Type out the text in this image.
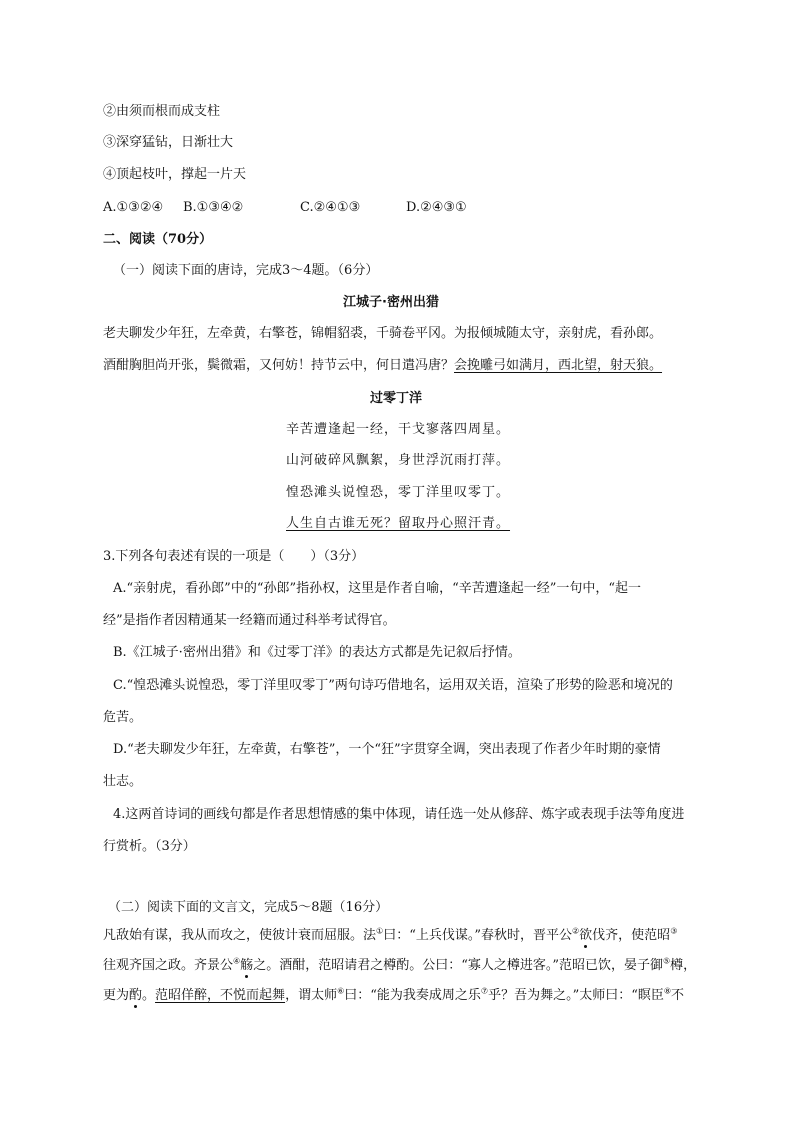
②由须而根而成支柱
③深穿猛钻，日渐壮大
④顶起枝叶，撑起一片天
A.①③②④ B.①③④②	C.②④①③	D.②④③①
二、阅读（70分）
（一）阅读下面的唐诗，完成3～4题。（6分）
江城子·密州出猎
老夫聊发少年狂，左牵黄，右擎苍，锦帽貂裘，千骑卷平冈。为报倾城随太守，亲射虎，看孙郎。
酒酣胸胆尚开张，鬓微霜，又何妨！持节云中，何日遣冯唐？会挽雕弓如满月，西北望，射天狼。
过零丁洋
辛苦遭逢起一经，干戈寥落四周星。
山河破碎风飘絮，身世浮沉雨打萍。
惶恐滩头说惶恐，零丁洋里叹零丁。
人生自古谁无死？留取丹心照汗青。
3.下列各句表述有误的一项是（　　）（3分）
A.“亲射虎，看孙郎”中的“孙郎”指孙权，这里是作者自喻，“辛苦遭逢起一经”一句中，“起一
经”是指作者因精通某一经籍而通过科举考试得官。
B.《江城子·密州出猎》和《过零丁洋》的表达方式都是先记叙后抒情。
C.“惶恐滩头说惶恐，零丁洋里叹零丁”两句诗巧借地名，运用双关语，渲染了形势的险恶和境况的
危苦。
D.“老夫聊发少年狂，左牵黄，右擎苍”，一个“狂”字贯穿全调，突出表现了作者少年时期的豪情
壮志。
4.这两首诗词的画线句都是作者思想情感的集中体现，请任选一处从修辞、炼字或表现手法等角度进
行赏析。（3分）
（二）阅读下面的文言文，完成5～8题（16分）
凡敌始有谋，我从而攻之，使彼计衰而屈服。法①曰：“上兵伐谋。”春秋时，晋平公②欲伐齐，使范昭③
往观齐国之政。齐景公④觞之。酒酣，范昭请君之樽酌。公曰：“寡人之樽进客。”范昭已饮，晏子御⑤樽，
更为酌。范昭佯醉，不悦而起舞，谓太师⑥曰：“能为我奏成周之乐⑦乎？吾为舞之。”太师曰：“瞑臣⑧不
